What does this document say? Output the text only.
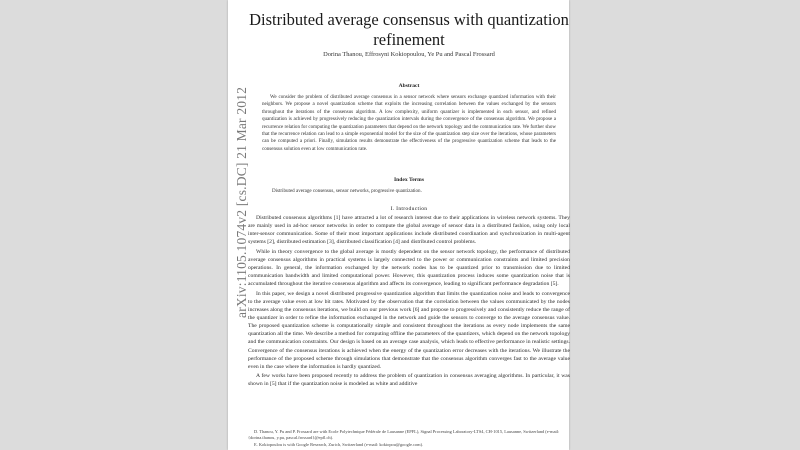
arXiv:1105.1074v2 [cs.DC] 21 Mar 2012
Distributed average consensus with quantization refinement
Dorina Thanou, Effrosyni Kokiopoulou, Ye Pu and Pascal Frossard
Abstract
We consider the problem of distributed average consensus in a sensor network where sensors exchange quantized information with their neighbors. We propose a novel quantization scheme that exploits the increasing correlation between the values exchanged by the sensors throughout the iterations of the consensus algorithm. A low complexity, uniform quantizer is implemented in each sensor, and refined quantization is achieved by progressively reducing the quantization intervals during the convergence of the consensus algorithm. We propose a recurrence relation for computing the quantization parameters that depend on the network topology and the communication rate. We further show that the recurrence relation can lead to a simple exponential model for the size of the quantization step size over the iterations, whose parameters can be computed a priori. Finally, simulation results demonstrate the effectiveness of the progressive quantization scheme that leads to the consensus solution even at low communication rate.
Index Terms
Distributed average consensus, sensor networks, progressive quantization.
I. Introduction

Distributed consensus algorithms [1] have attracted a lot of research interest due to their applications in wireless network systems. They are mainly used in ad-hoc sensor networks in order to compute the global average of sensor data in a distributed fashion, using only local inter-sensor communication. Some of their most important applications include distributed coordination and synchronization in multi-agent systems [2], distributed estimation [3], distributed classification [4] and distributed control problems.

While in theory convergence to the global average is mostly dependent on the sensor network topology, the performance of distributed average consensus algorithms in practical systems is largely connected to the power or communication constraints and limited precision operations. In general, the information exchanged by the network nodes has to be quantized prior to transmission due to limited communication bandwidth and limited computational power. However, this quantization process induces some quantization noise that is accumulated throughout the iterative consensus algorithm and affects its convergence, leading to significant performance degradation [5].

In this paper, we design a novel distributed progressive quantization algorithm that limits the quantization noise and leads to convergence to the average value even at low bit rates. Motivated by the observation that the correlation between the values communicated by the nodes increases along the consensus iterations, we build on our previous work [6] and propose to progressively and consistently reduce the range of the quantizer in order to refine the information exchanged in the network and guide the sensors to converge to the average consensus value. The proposed quantization scheme is computationally simple and consistent throughout the iterations as every node implements the same quantization all the time. We describe a method for computing offline the parameters of the quantizers, which depend on the network topology and the communication constraints. Our design is based on an average case analysis, which leads to effective performance in realistic settings. Convergence of the consensus iterations is achieved when the energy of the quantization error decreases with the iterations. We illustrate the performance of the proposed scheme through simulations that demonstrate that the consensus algorithm converges fast to the average value even in the case where the information is hardly quantized.

A few works have been proposed recently to address the problem of quantization in consensus averaging algorithms. In particular, it was shown in [5] that if the quantization noise is modeled as white and additive

D. Thanou, Y. Pu and P. Frossard are with Ecole Polytechnique Fédérale de Lausanne (EPFL), Signal Processing Laboratory-LTS4, CH-1015, Lausanne, Switzerland (e-mail: {dorina.thanou, y.pu, pascal.frossard}@epfl.ch).

E. Kokiopoulou is with Google Research, Zurich, Switzerland (e-mail: kokiopou@google.com).
